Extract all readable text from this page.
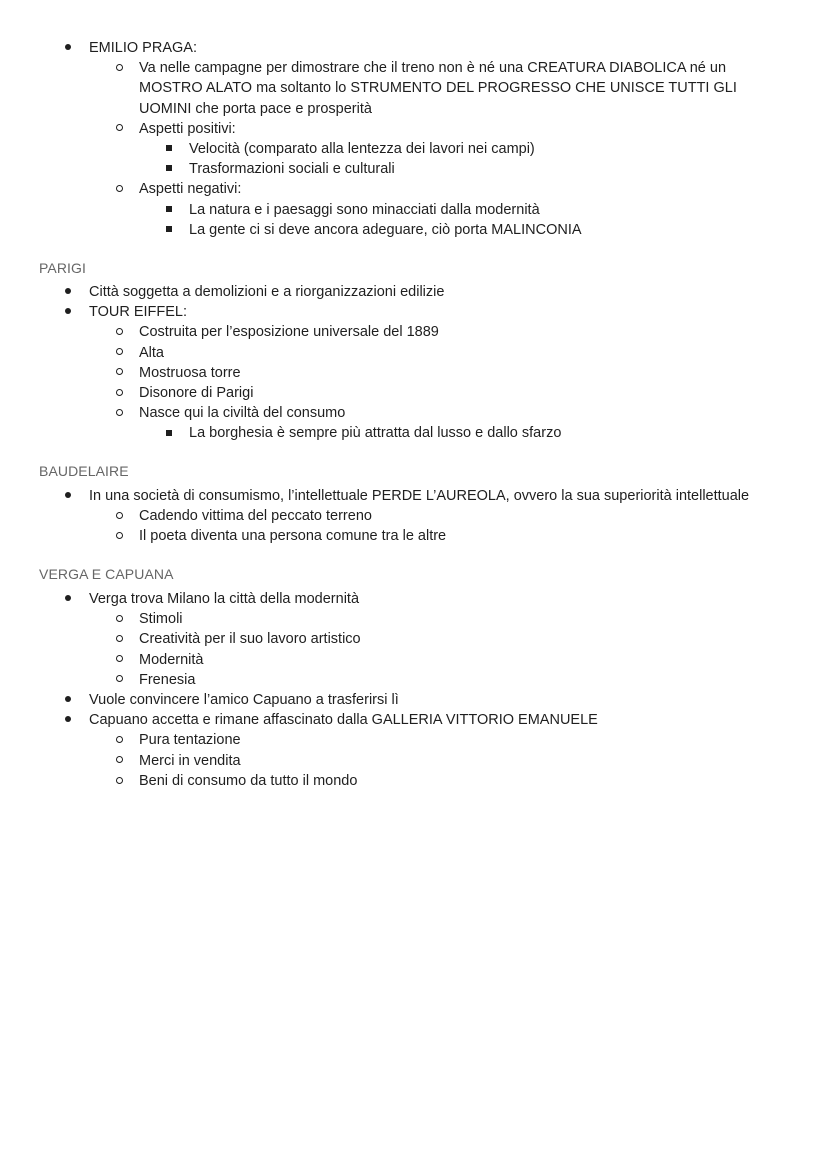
EMILIO PRAGA:
Va nelle campagne per dimostrare che il treno non è né una CREATURA DIABOLICA né un MOSTRO ALATO ma soltanto lo STRUMENTO DEL PROGRESSO CHE UNISCE TUTTI GLI UOMINI che porta pace e prosperità
Aspetti positivi:
Velocità (comparato alla lentezza dei lavori nei campi)
Trasformazioni sociali e culturali
Aspetti negativi:
La natura e i paesaggi sono minacciati dalla modernità
La gente ci si deve ancora adeguare, ciò porta MALINCONIA
PARIGI
Città soggetta a demolizioni e a riorganizzazioni edilizie
TOUR EIFFEL:
Costruita per l’esposizione universale del 1889
Alta
Mostruosa torre
Disonore di Parigi
Nasce qui la civiltà del consumo
La borghesia è sempre più attratta dal lusso e dallo sfarzo
BAUDELAIRE
In una società di consumismo, l’intellettuale PERDE L’AUREOLA, ovvero la sua superiorità intellettuale
Cadendo vittima del peccato terreno
Il poeta diventa una persona comune tra le altre
VERGA E CAPUANA
Verga trova Milano la città della modernità
Stimoli
Creatività per il suo lavoro artistico
Modernità
Frenesia
Vuole convincere l’amico Capuano a trasferirsi lì
Capuano accetta e rimane affascinato dalla GALLERIA VITTORIO EMANUELE
Pura tentazione
Merci in vendita
Beni di consumo da tutto il mondo
